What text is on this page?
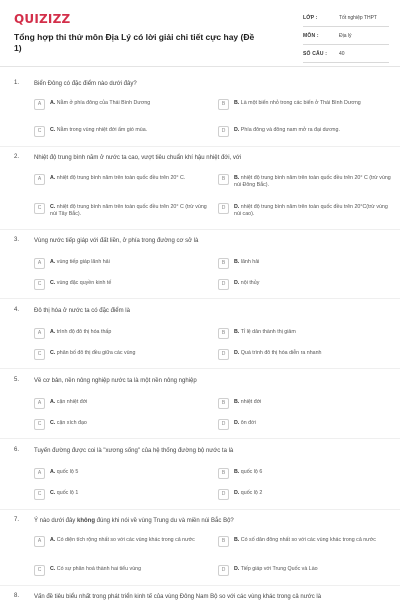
QUIZIZZ
Tổng hợp thi thử môn Địa Lý có lời giải chi tiết cực hay (Đề 1)
LỚP :	Tốt nghiệp THPT
MÔN :	Địa lý
SỐ CÂU : 40
1. Biển Đông có đặc điểm nào dưới đây?
A	A. Nằm ở phía đông của Thái Bình Dương	B	B. Là một biển nhỏ trong các biển ở Thái Bình Dương
C	C. Nằm trong vùng nhiệt đới ẩm gió mùa.	D	D. Phía đông và đông nam mở ra đại dương.
2. Nhiệt độ trung bình năm ở nước ta cao, vượt tiêu chuẩn khí hậu nhiệt đới, với
A	A. nhiệt độ trung bình năm trên toàn quốc đều trên 20° C.	B	B. nhiệt độ trung bình năm trên toàn quốc đều trên 20° C (trừ vùng núi Đông Bắc).
C	C. nhiệt độ trung bình năm trên toàn quốc đều trên 20° C (trừ vùng núi Tây Bắc).
D	D. nhiệt độ trung bình năm trên toàn quốc đều trên 20°C(trừ vùng núi cao).
3. Vùng nước tiếp giáp với đất liền, ở phía trong đường cơ sở là
A	A. vùng tiếp giáp lãnh hải	B	B. lãnh hải
C	C. vùng đặc quyền kinh tế	D	D. nội thủy
4. Đô thị hóa ở nước ta có đặc điểm là
A	A. trình độ đô thị hóa thấp	B	B. Tỉ lệ dân thành thị giảm
C	C. phân bố đô thị đều giữa các vùng	D	D. Quá trình đô thị hóa diễn ra nhanh
5. Về cơ bản, nền nông nghiệp nước ta là một nền nông nghiệp
A	A. cận nhiệt đới	B	B. nhiệt đới
C	C. cận xích đạo	D	D. ôn đới
6. Tuyến đường được coi là "xương sống" của hệ thống đường bộ nước ta là
A	A. quốc lộ 5	B	B. quốc lộ 6
C	C. quốc lộ 1	D	D. quốc lộ 2
7. Ý nào dưới đây không đúng khi nói về vùng Trung du và miền núi Bắc Bộ?
A	A. Có diện tích rộng nhất so với các vùng khác trong cả nước	B	B. Có số dân đông nhất so với các vùng khác trong cả nước
C	C. Có sự phân hoá thành hai tiểu vùng	D	D. Tiếp giáp với Trung Quốc và Lào
8. Vấn đề tiêu biểu nhất trong phát triển kinh tế của vùng Đông Nam Bộ so với các vùng khác trong cả nước là
